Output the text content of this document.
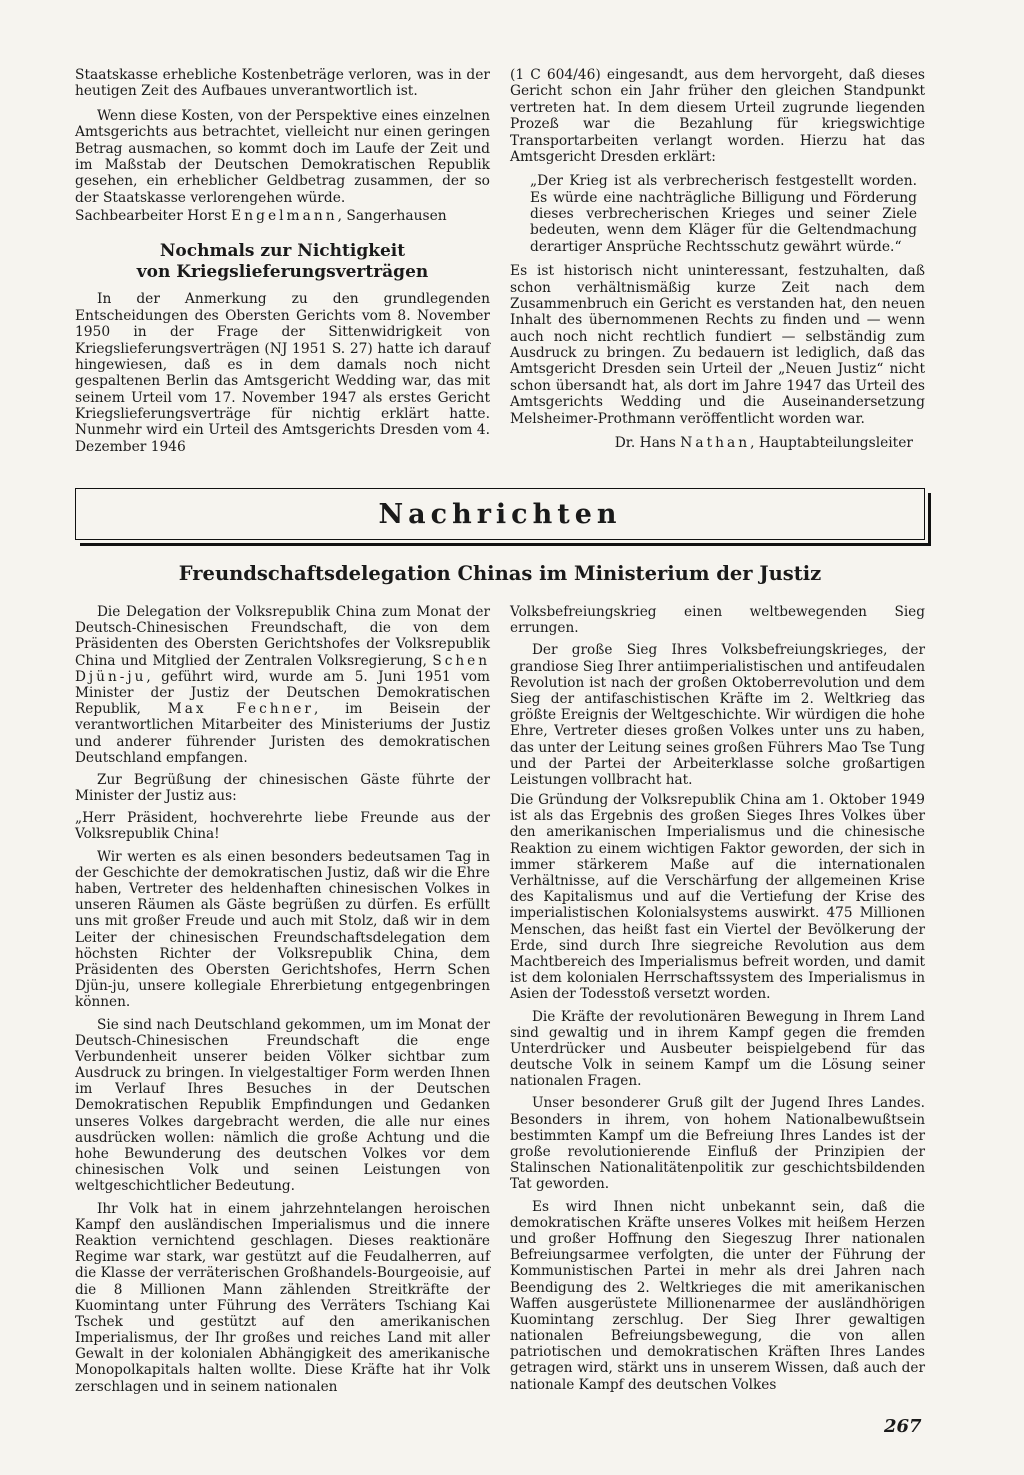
Staatskasse erhebliche Kostenbeträge verloren, was in der heutigen Zeit des Aufbaues unverantwortlich ist.

Wenn diese Kosten, von der Perspektive eines einzelnen Amtsgerichts aus betrachtet, vielleicht nur einen geringen Betrag ausmachen, so kommt doch im Laufe der Zeit und im Maßstab der Deutschen Demokratischen Republik gesehen, ein erheblicher Geldbetrag zusammen, der so der Staatskasse verlorengehen würde.

Sachbearbeiter Horst Engelmann, Sangerhausen

Nochmals zur Nichtigkeit
von Kriegslieferungsverträgen

In der Anmerkung zu den grundlegenden Entscheidungen des Obersten Gerichts vom 8. November 1950 in der Frage der Sittenwidrigkeit von Kriegslieferungsverträgen (NJ 1951 S. 27) hatte ich darauf hingewiesen, daß es in dem damals noch nicht gespaltenen Berlin das Amtsgericht Wedding war, das mit seinem Urteil vom 17. November 1947 als erstes Gericht Kriegslieferungsverträge für nichtig erklärt hatte. Nunmehr wird ein Urteil des Amtsgerichts Dresden vom 4. Dezember 1946

(1 C 604/46) eingesandt, aus dem hervorgeht, daß dieses Gericht schon ein Jahr früher den gleichen Standpunkt vertreten hat. In dem diesem Urteil zugrunde liegenden Prozeß war die Bezahlung für kriegswichtige Transportarbeiten verlangt worden. Hierzu hat das Amtsgericht Dresden erklärt:

„Der Krieg ist als verbrecherisch festgestellt worden. Es würde eine nachträgliche Billigung und Förderung dieses verbrecherischen Krieges und seiner Ziele bedeuten, wenn dem Kläger für die Geltendmachung derartiger Ansprüche Rechtsschutz gewährt würde.“

Es ist historisch nicht uninteressant, festzuhalten, daß schon verhältnismäßig kurze Zeit nach dem Zusammenbruch ein Gericht es verstanden hat, den neuen Inhalt des übernommenen Rechts zu finden und — wenn auch noch nicht rechtlich fundiert — selbständig zum Ausdruck zu bringen. Zu bedauern ist lediglich, daß das Amtsgericht Dresden sein Urteil der „Neuen Justiz“ nicht schon übersandt hat, als dort im Jahre 1947 das Urteil des Amtsgerichts Wedding und die Auseinandersetzung Melsheimer-Prothmann veröffentlicht worden war.

Dr. Hans Nathan, Hauptabteilungsleiter

Nachrichten
Freundschaftsdelegation Chinas im Ministerium der Justiz

Die Delegation der Volksrepublik China zum Monat der Deutsch-Chinesischen Freundschaft, die von dem Präsidenten des Obersten Gerichtshofes der Volksrepublik China und Mitglied der Zentralen Volksregierung, Schen Djün-ju, geführt wird, wurde am 5. Juni 1951 vom Minister der Justiz der Deutschen Demokratischen Republik, Max Fechner, im Beisein der verantwortlichen Mitarbeiter des Ministeriums der Justiz und anderer führender Juristen des demokratischen Deutschland empfangen.

Zur Begrüßung der chinesischen Gäste führte der Minister der Justiz aus:

„Herr Präsident, hochverehrte liebe Freunde aus der Volksrepublik China!

Wir werten es als einen besonders bedeutsamen Tag in der Geschichte der demokratischen Justiz, daß wir die Ehre haben, Vertreter des heldenhaften chinesischen Volkes in unseren Räumen als Gäste begrüßen zu dürfen. Es erfüllt uns mit großer Freude und auch mit Stolz, daß wir in dem Leiter der chinesischen Freundschaftsdelegation dem höchsten Richter der Volksrepublik China, dem Präsidenten des Obersten Gerichtshofes, Herrn Schen Djün-ju, unsere kollegiale Ehrerbietung entgegenbringen können.

Sie sind nach Deutschland gekommen, um im Monat der Deutsch-Chinesischen Freundschaft die enge Verbundenheit unserer beiden Völker sichtbar zum Ausdruck zu bringen. In vielgestaltiger Form werden Ihnen im Verlauf Ihres Besuches in der Deutschen Demokratischen Republik Empfindungen und Gedanken unseres Volkes dargebracht werden, die alle nur eines ausdrücken wollen: nämlich die große Achtung und die hohe Bewunderung des deutschen Volkes vor dem chinesischen Volk und seinen Leistungen von weltgeschichtlicher Bedeutung.

Ihr Volk hat in einem jahrzehntelangen heroischen Kampf den ausländischen Imperialismus und die innere Reaktion vernichtend geschlagen. Dieses reaktionäre Regime war stark, war gestützt auf die Feudalherren, auf die Klasse der verräterischen Großhandels-Bourgeoisie, auf die 8 Millionen Mann zählenden Streitkräfte der Kuomintang unter Führung des Verräters Tschiang Kai Tschek und gestützt auf den amerikanischen Imperialismus, der Ihr großes und reiches Land mit aller Gewalt in der kolonialen Abhängigkeit des amerikanische Monopolkapitals halten wollte. Diese Kräfte hat ihr Volk zerschlagen und in seinem nationalen

Volksbefreiungskrieg einen weltbewegenden Sieg errungen.

Der große Sieg Ihres Volksbefreiungskrieges, der grandiose Sieg Ihrer antiimperialistischen und antifeudalen Revolution ist nach der großen Oktoberrevolution und dem Sieg der antifaschistischen Kräfte im 2. Weltkrieg das größte Ereignis der Weltgeschichte. Wir würdigen die hohe Ehre, Vertreter dieses großen Volkes unter uns zu haben, das unter der Leitung seines großen Führers Mao Tse Tung und der Partei der Arbeiterklasse solche großartigen Leistungen vollbracht hat.

Die Gründung der Volksrepublik China am 1. Oktober 1949 ist als das Ergebnis des großen Sieges Ihres Volkes über den amerikanischen Imperialismus und die chinesische Reaktion zu einem wichtigen Faktor geworden, der sich in immer stärkerem Maße auf die internationalen Verhältnisse, auf die Verschärfung der allgemeinen Krise des Kapitalismus und auf die Vertiefung der Krise des imperialistischen Kolonialsystems auswirkt. 475 Millionen Menschen, das heißt fast ein Viertel der Bevölkerung der Erde, sind durch Ihre siegreiche Revolution aus dem Machtbereich des Imperialismus befreit worden, und damit ist dem kolonialen Herrschaftssystem des Imperialismus in Asien der Todesstoß versetzt worden.

Die Kräfte der revolutionären Bewegung in Ihrem Land sind gewaltig und in ihrem Kampf gegen die fremden Unterdrücker und Ausbeuter beispielgebend für das deutsche Volk in seinem Kampf um die Lösung seiner nationalen Fragen.

Unser besonderer Gruß gilt der Jugend Ihres Landes. Besonders in ihrem, von hohem Nationalbewußtsein bestimmten Kampf um die Befreiung Ihres Landes ist der große revolutionierende Einfluß der Prinzipien der Stalinschen Nationalitätenpolitik zur geschichtsbildenden Tat geworden.

Es wird Ihnen nicht unbekannt sein, daß die demokratischen Kräfte unseres Volkes mit heißem Herzen und großer Hoffnung den Siegeszug Ihrer nationalen Befreiungsarmee verfolgten, die unter der Führung der Kommunistischen Partei in mehr als drei Jahren nach Beendigung des 2. Weltkrieges die mit amerikanischen Waffen ausgerüstete Millionenarmee der ausländhörigen Kuomintang zerschlug. Der Sieg Ihrer gewaltigen nationalen Befreiungsbewegung, die von allen patriotischen und demokratischen Kräften Ihres Landes getragen wird, stärkt uns in unserem Wissen, daß auch der nationale Kampf des deutschen Volkes

267
